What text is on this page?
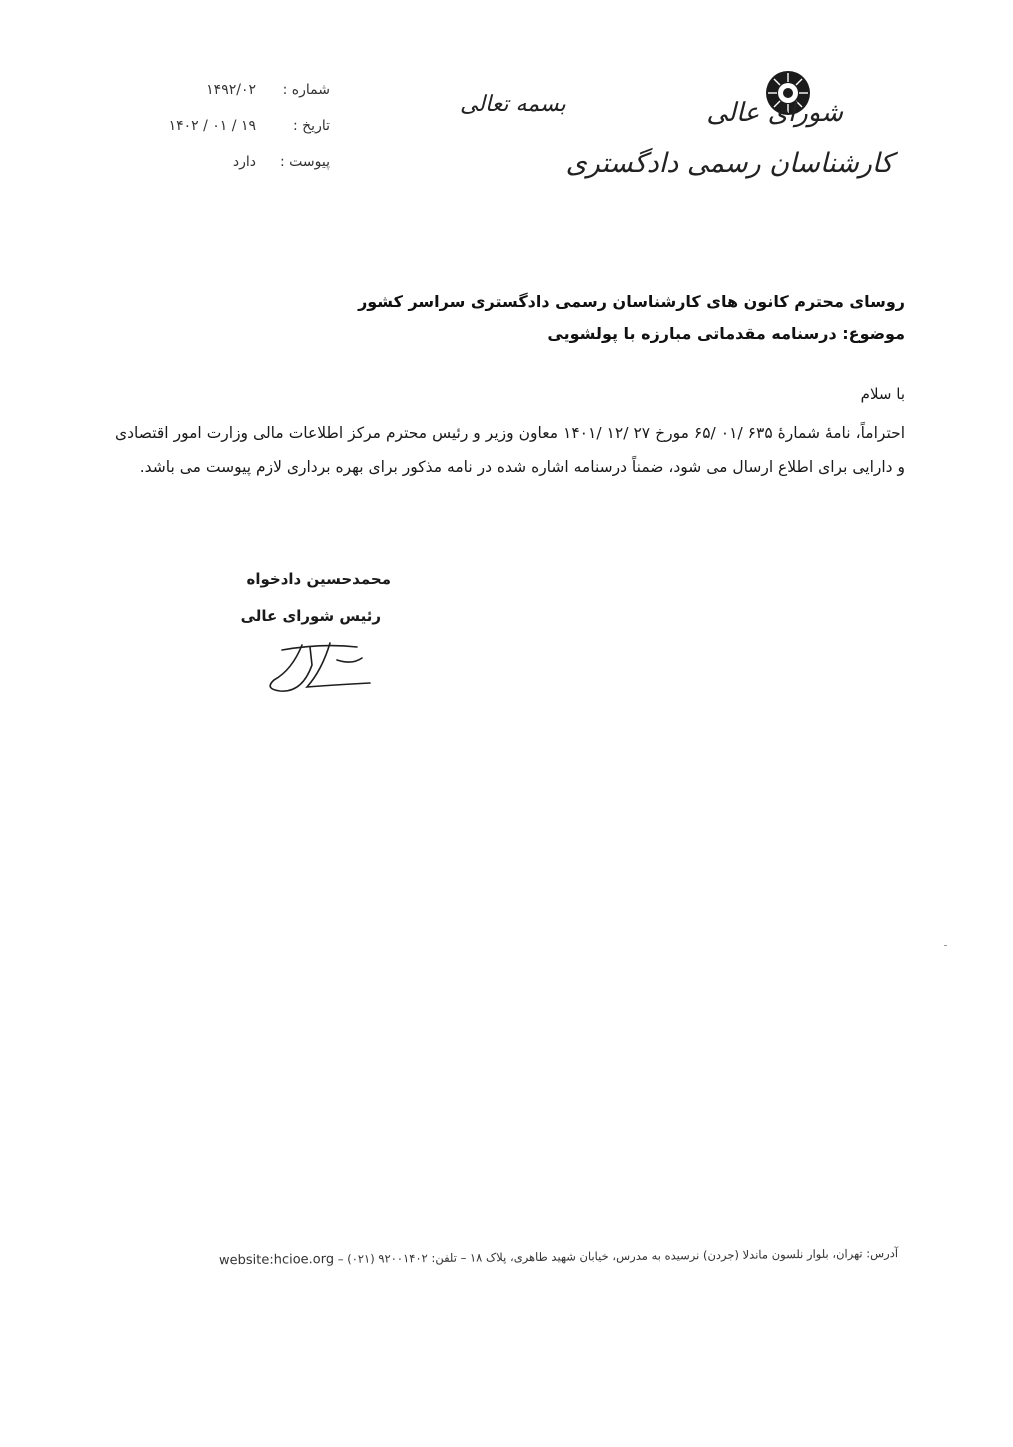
شورای عالی
کارشناسان رسمی دادگستری
بسمه تعالی
شماره :
۱۴۹۲/۰۲
تاریخ :
۱۹ / ۰۱ / ۱۴۰۲
پیوست :
دارد
روسای محترم کانون های کارشناسان رسمی دادگستری سراسر کشور
موضوع: درسنامه مقدماتی مبارزه با پولشویی
با سلام
احتراماً، نامۀ شمارۀ ۶۳۵ /۰۱ /۶۵ مورخ ۲۷ /۱۲ /۱۴۰۱ معاون وزیر و رئیس محترم مرکز اطلاعات مالی وزارت امور اقتصادی و دارایی برای اطلاع ارسال می شود، ضمناً درسنامه اشاره شده در نامه مذکور برای بهره برداری لازم پیوست می باشد.
محمدحسین دادخواه
رئیس شورای عالی
آدرس: تهران، بلوار نلسون ماندلا (جردن) نرسیده به مدرس، خیابان شهید طاهری، پلاک ۱۸ – تلفن: ۹۲۰۰۱۴۰۲ (۰۲۱) – website:hcioe.org
